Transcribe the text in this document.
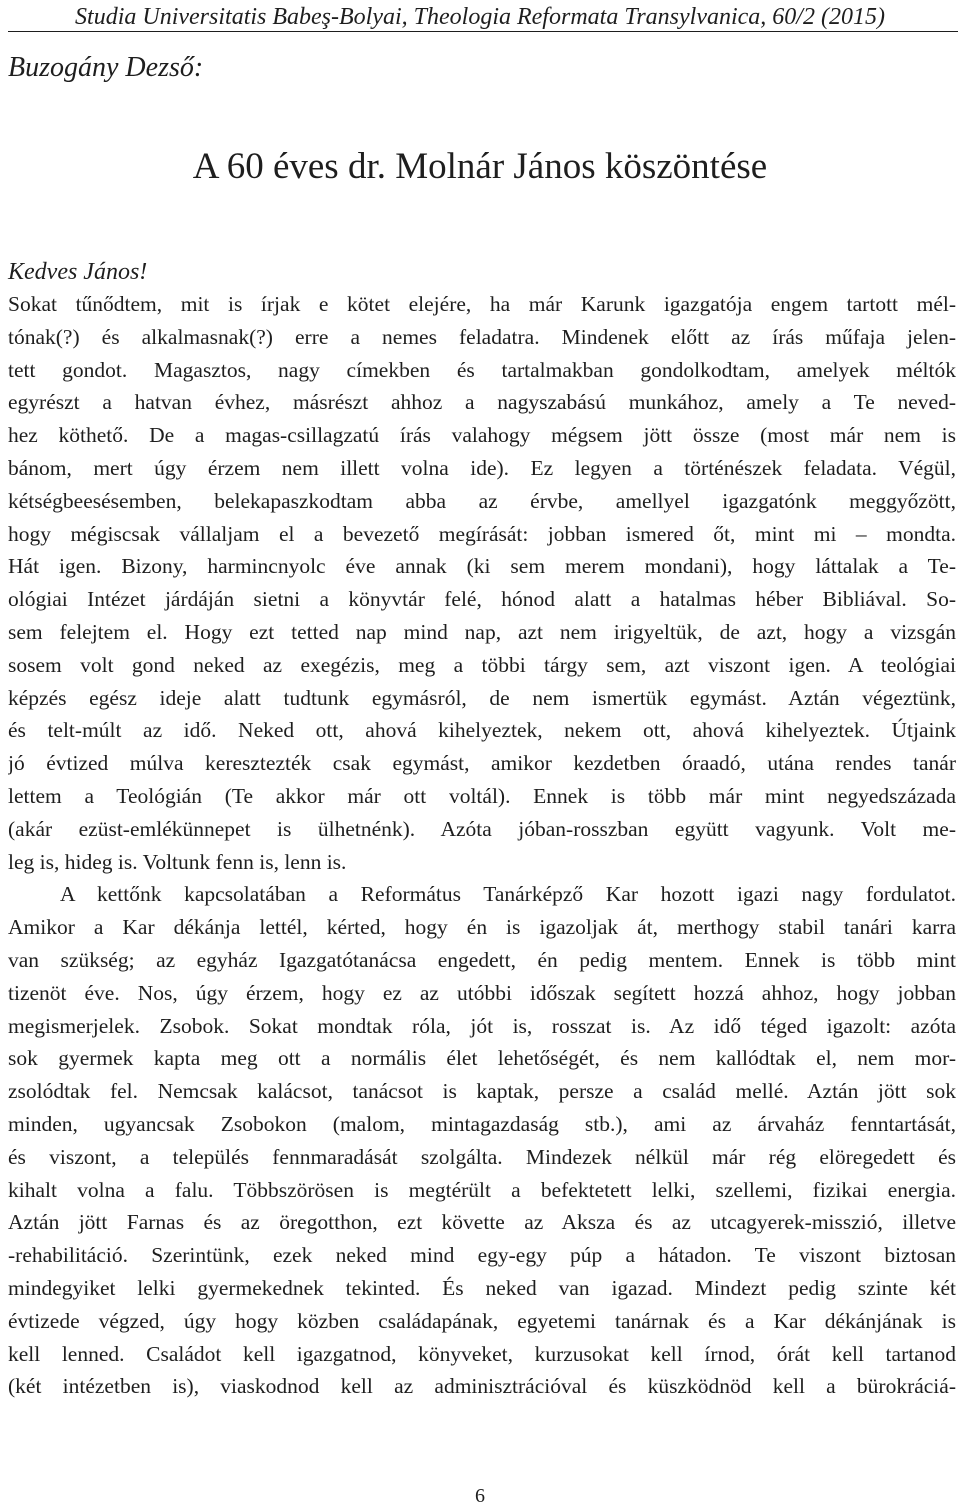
Studia Universitatis Babeş-Bolyai, Theologia Reformata Transylvanica, 60/2 (2015)
Buzogány Dezső:
A 60 éves dr. Molnár János köszöntése
Kedves János!
Sokat tűnődtem, mit is írjak e kötet elejére, ha már Karunk igazgatója engem tartott mél-
tónak(?) és alkalmasnak(?) erre a nemes feladatra. Mindenek előtt az írás műfaja jelen-
tett gondot. Magasztos, nagy címekben és tartalmakban gondolkodtam, amelyek méltók
egyrészt a hatvan évhez, másrészt ahhoz a nagyszabású munkához, amely a Te neved-
hez köthető. De a magas-csillagzatú írás valahogy mégsem jött össze (most már nem is
bánom, mert úgy érzem nem illett volna ide). Ez legyen a történészek feladata. Végül,
kétségbeesésemben, belekapaszkodtam abba az érvbe, amellyel igazgatónk meggyőzött,
hogy mégiscsak vállaljam el a bevezető megírását: jobban ismered őt, mint mi – mondta.
Hát igen. Bizony, harmincnyolc éve annak (ki sem merem mondani), hogy láttalak a Te-
ológiai Intézet járdáján sietni a könyvtár felé, hónod alatt a hatalmas héber Bibliával. So-
sem felejtem el. Hogy ezt tetted nap mind nap, azt nem irigyeltük, de azt, hogy a vizsgán
sosem volt gond neked az exegézis, meg a többi tárgy sem, azt viszont igen. A teológiai
képzés egész ideje alatt tudtunk egymásról, de nem ismertük egymást. Aztán végeztünk,
és telt-múlt az idő. Neked ott, ahová kihelyeztek, nekem ott, ahová kihelyeztek. Útjaink
jó évtized múlva keresztezték csak egymást, amikor kezdetben óraadó, utána rendes tanár
lettem a Teológián (Te akkor már ott voltál). Ennek is több már mint negyedszázada
(akár ezüst-emlékünnepet is ülhetnénk). Azóta jóban-rosszban együtt vagyunk. Volt me-
leg is, hideg is. Voltunk fenn is, lenn is.
A kettőnk kapcsolatában a Református Tanárképző Kar hozott igazi nagy fordulatot.
Amikor a Kar dékánja lettél, kérted, hogy én is igazoljak át, merthogy stabil tanári karra
van szükség; az egyház Igazgatótanácsa engedett, én pedig mentem. Ennek is több mint
tizenöt éve. Nos, úgy érzem, hogy ez az utóbbi időszak segített hozzá ahhoz, hogy jobban
megismerjelek. Zsobok. Sokat mondtak róla, jót is, rosszat is. Az idő téged igazolt: azóta
sok gyermek kapta meg ott a normális élet lehetőségét, és nem kallódtak el, nem mor-
zsolódtak fel. Nemcsak kalácsot, tanácsot is kaptak, persze a család mellé. Aztán jött sok
minden, ugyancsak Zsobokon (malom, mintagazdaság stb.), ami az árvaház fenntartását,
és viszont, a település fennmaradását szolgálta. Mindezek nélkül már rég elöregedett és
kihalt volna a falu. Többszörösen is megtérült a befektetett lelki, szellemi, fizikai energia.
Aztán jött Farnas és az öregotthon, ezt követte az Aksza és az utcagyerek-misszió, illetve
-rehabilitáció. Szerintünk, ezek neked mind egy-egy púp a hátadon. Te viszont biztosan
mindegyiket lelki gyermekednek tekinted. És neked van igazad. Mindezt pedig szinte két
évtizede végzed, úgy hogy közben családapának, egyetemi tanárnak és a Kar dékánjának is
kell lenned. Családot kell igazgatnod, könyveket, kurzusokat kell írnod, órát kell tartanod
(két intézetben is), viaskodnod kell az adminisztrációval és küszködnöd kell a bürokráciá-
6
